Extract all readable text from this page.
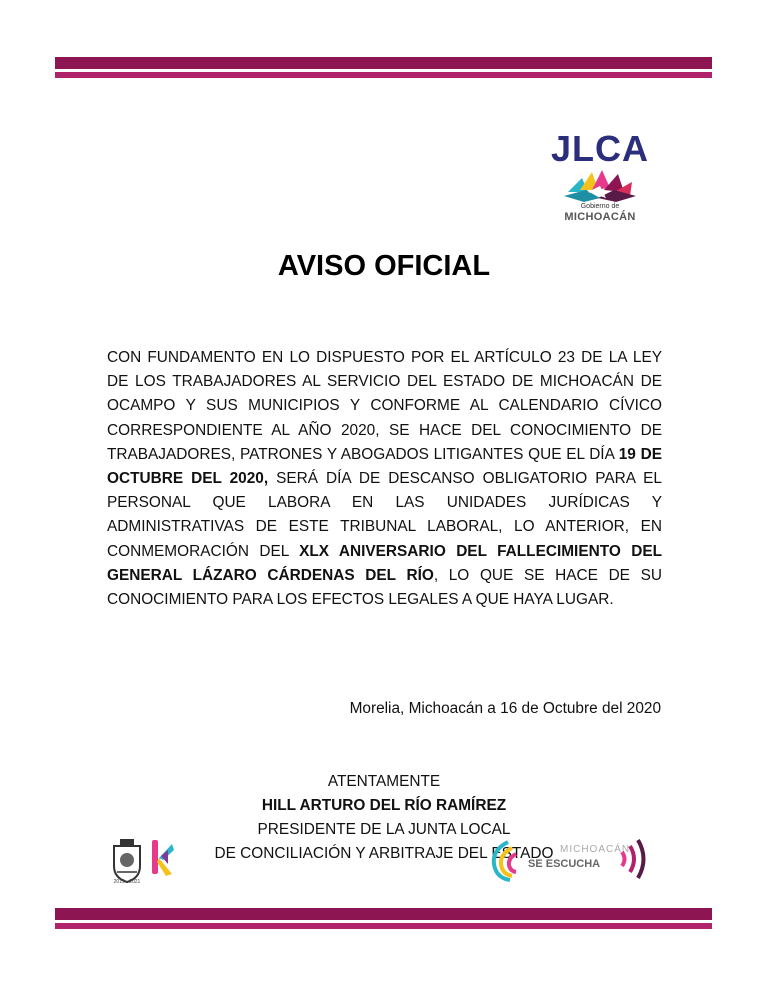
JLCA
Gobierno de
MICHOACÁN
AVISO OFICIAL
CON FUNDAMENTO EN LO DISPUESTO POR EL ARTÍCULO 23 DE LA LEY DE LOS TRABAJADORES AL SERVICIO DEL ESTADO DE MICHOACÁN DE OCAMPO Y SUS MUNICIPIOS Y CONFORME AL CALENDARIO CÍVICO CORRESPONDIENTE AL AÑO 2020, SE HACE DEL CONOCIMIENTO DE TRABAJADORES, PATRONES Y ABOGADOS LITIGANTES QUE EL DÍA 19 DE OCTUBRE DEL 2020, SERÁ DÍA DE DESCANSO OBLIGATORIO PARA EL PERSONAL QUE LABORA EN LAS UNIDADES JURÍDICAS Y ADMINISTRATIVAS DE ESTE TRIBUNAL LABORAL, LO ANTERIOR, EN CONMEMORACIÓN DEL XLX ANIVERSARIO DEL FALLECIMIENTO DEL GENERAL LÁZARO CÁRDENAS DEL RÍO, LO QUE SE HACE DE SU CONOCIMIENTO PARA LOS EFECTOS LEGALES A QUE HAYA LUGAR.
Morelia, Michoacán a 16 de Octubre del 2020
ATENTAMENTE
HILL ARTURO DEL RÍO RAMÍREZ
PRESIDENTE DE LA JUNTA LOCAL
DE CONCILIACIÓN Y ARBITRAJE DEL ESTADO
2015 - 2021
MICHOACÁN
SE ESCUCHA
